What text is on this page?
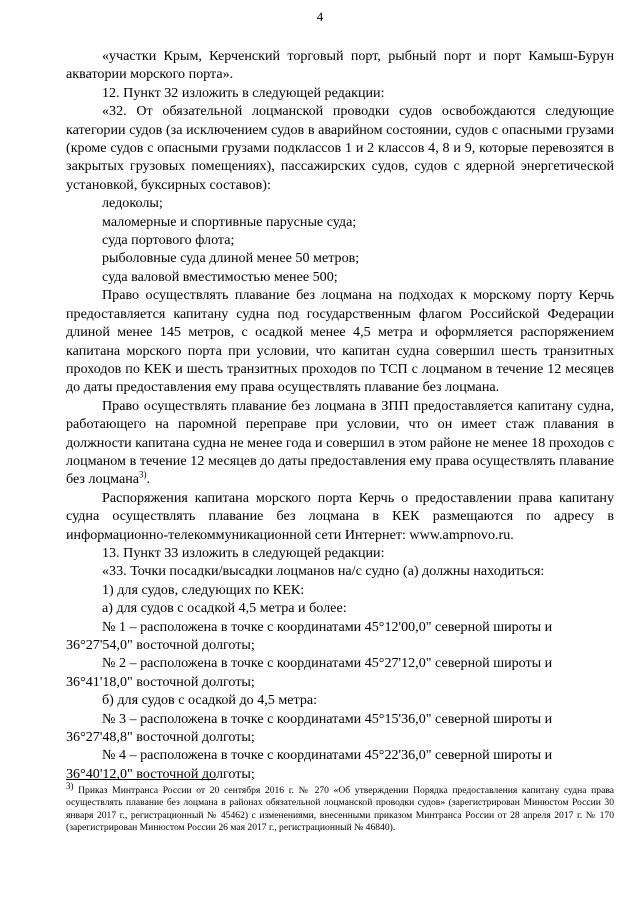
4

«участки Крым, Керченский торговый порт, рыбный порт и порт Камыш-Бурун акватории морского порта».

12. Пункт 32 изложить в следующей редакции:

«32. От обязательной лоцманской проводки судов освобождаются следующие категории судов (за исключением судов в аварийном состоянии, судов с опасными грузами (кроме судов с опасными грузами подклассов 1 и 2 классов 4, 8 и 9, которые перевозятся в закрытых грузовых помещениях), пассажирских судов, судов с ядерной энергетической установкой, буксирных составов):

ледоколы;

маломерные и спортивные парусные суда;

суда портового флота;

рыболовные суда длиной менее 50 метров;

суда валовой вместимостью менее 500;

Право осуществлять плавание без лоцмана на подходах к морскому порту Керчь предоставляется капитану судна под государственным флагом Российской Федерации длиной менее 145 метров, с осадкой менее 4,5 метра и оформляется распоряжением капитана морского порта при условии, что капитан судна совершил шесть транзитных проходов по КЕК и шесть транзитных проходов по ТСП с лоцманом в течение 12 месяцев до даты предоставления ему права осуществлять плавание без лоцмана.

Право осуществлять плавание без лоцмана в ЗПП предоставляется капитану судна, работающего на паромной переправе при условии, что он имеет стаж плавания в должности капитана судна не менее года и совершил в этом районе не менее 18 проходов с лоцманом в течение 12 месяцев до даты предоставления ему права осуществлять плавание без лоцмана$^{3)}$.

Распоряжения капитана морского порта Керчь о предоставлении права капитану судна осуществлять плавание без лоцмана в КЕК размещаются по адресу в информационно-телекоммуникационной сети Интернет: www.ampnovo.ru.

13. Пункт 33 изложить в следующей редакции:

«33. Точки посадки/высадки лоцманов на/с судно (а) должны находиться:

1) для судов, следующих по КЕК:

а) для судов с осадкой 4,5 метра и более:

№ 1 – расположена в точке с координатами 45°12'00,0" северной широты и

36°27'54,0" восточной долготы;

№ 2 – расположена в точке с координатами 45°27'12,0" северной широты и

36°41'18,0" восточной долготы;

б) для судов с осадкой до 4,5 метра:

№ 3 – расположена в точке с координатами 45°15'36,0" северной широты и

36°27'48,8" восточной долготы;

№ 4 – расположена в точке с координатами 45°22'36,0" северной широты и

36°40'12,0" восточной долготы;

$^{3)}$ Приказ Минтранса России от 20 сентября 2016 г. № 270 «Об утверждении Порядка предоставления капитану судна права осуществлять плавание без лоцмана в районах обязательной лоцманской проводки судов» (зарегистрирован Минюстом России 30 января 2017 г., регистрационный № 45462) с изменениями, внесенными приказом Минтранса России от 28 апреля 2017 г. № 170 (зарегистрирован Минюстом России 26 мая 2017 г., регистрационный № 46840).
